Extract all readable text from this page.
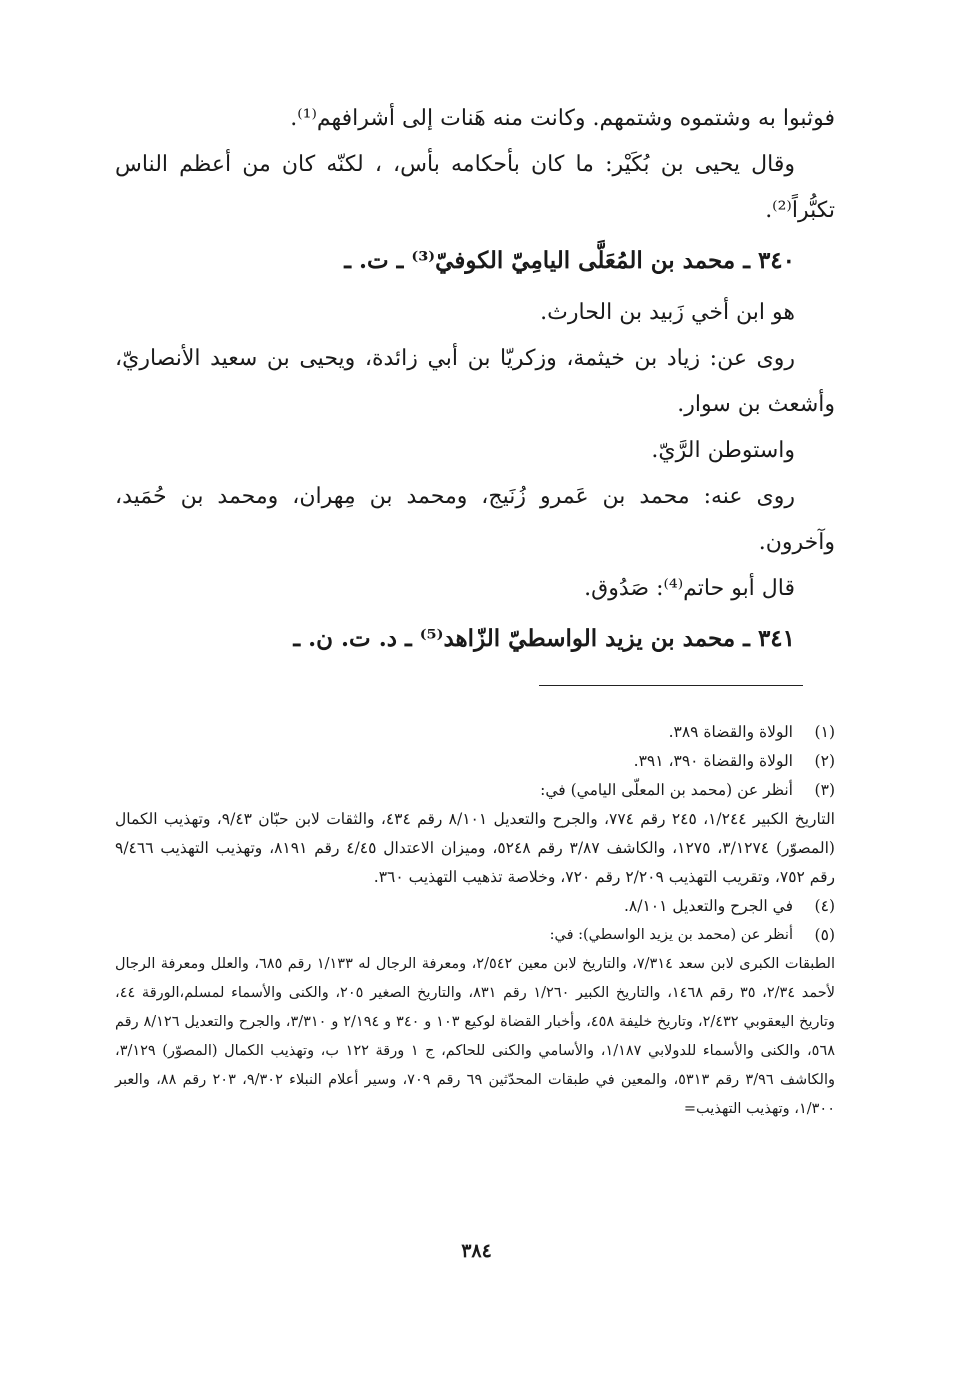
فوثبوا به وشتموه وشتمهم. وكانت منه هَنات إلى أشرافهم⁽¹⁾.

وقال يحيى بن بُكَيْر: ما كان بأحكامه بأس، ، لكنّه كان من أعظم الناس تكبُّراً⁽²⁾.

٣٤٠ ـ محمد بن المُعَلَّى اليامِيّ الكوفيّ⁽³⁾ ـ ت. ـ

هو ابن أخي زَبيد بن الحارث.

روى عن: زياد بن خيثمة، وزكريّا بن أبي زائدة، ويحيى بن سعيد الأنصاريّ، وأشعث بن سوار.

واستوطن الرَّيّ.

روى عنه: محمد بن عَمرو زُنَيج، ومحمد بن مِهران، ومحمد بن حُمَيد، وآخرون.

قال أبو حاتم⁽⁴⁾: صَدُوق.

٣٤١ ـ محمد بن يزيد الواسطيّ الزّاهد⁽⁵⁾ ـ د. ت. ن. ـ

(١)
الولاة والقضاة ٣٨٩.
(٢)
الولاة والقضاة ٣٩٠، ٣٩١.
(٣)
أنظر عن (محمد بن المعلّى اليامي) في:
التاريخ الكبير ١/٢٤٤، ٢٤٥ رقم ٧٧٤، والجرح والتعديل ٨/١٠١ رقم ٤٣٤، والثقات لابن حبّان ٩/٤٣، وتهذيب الكمال (المصوّر) ٣/١٢٧٤، ١٢٧٥، والكاشف ٣/٨٧ رقم ٥٢٤٨، وميزان الاعتدال ٤/٤٥ رقم ٨١٩١، وتهذيب التهذيب ٩/٤٦٦ رقم ٧٥٢، وتقريب التهذيب ٢/٢٠٩ رقم ٧٢٠، وخلاصة تذهيب التهذيب ٣٦٠.
(٤)
في الجرح والتعديل ٨/١٠١.
(٥)
أنظر عن (محمد بن يزيد الواسطي): في:
الطبقات الكبرى لابن سعد ٧/٣١٤، والتاريخ لابن معين ٢/٥٤٢، ومعرفة الرجال له ١/١٣٣ رقم ٦٨٥، والعلل ومعرفة الرجال لأحمد ٢/٣٤، ٣٥ رقم ١٤٦٨، والتاريخ الكبير ١/٢٦٠ رقم ٨٣١، والتاريخ الصغير ٢٠٥، والكنى والأسماء لمسلم،الورقة ٤٤، وتاريخ اليعقوبي ٢/٤٣٢، وتاريخ خليفة ٤٥٨، وأخبار القضاة لوكيع ١٠٣ و ٣٤٠ و ٢/١٩٤ و ٣/٣١٠، والجرح والتعديل ٨/١٢٦ رقم ٥٦٨، والكنى والأسماء للدولابي ١/١٨٧، والأسامي والكنى للحاكم، ج ١ ورقة ١٢٢ ب، وتهذيب الكمال (المصوّر) ٣/١٢٩، والكاشف ٣/٩٦ رقم ٥٣١٣، والمعين في طبقات المحدّثين ٦٩ رقم ٧٠٩، وسير أعلام النبلاء ٩/٣٠٢، ٢٠٣ رقم ٨٨، والعبر ١/٣٠٠، وتهذيب التهذيب=
٣٨٤
